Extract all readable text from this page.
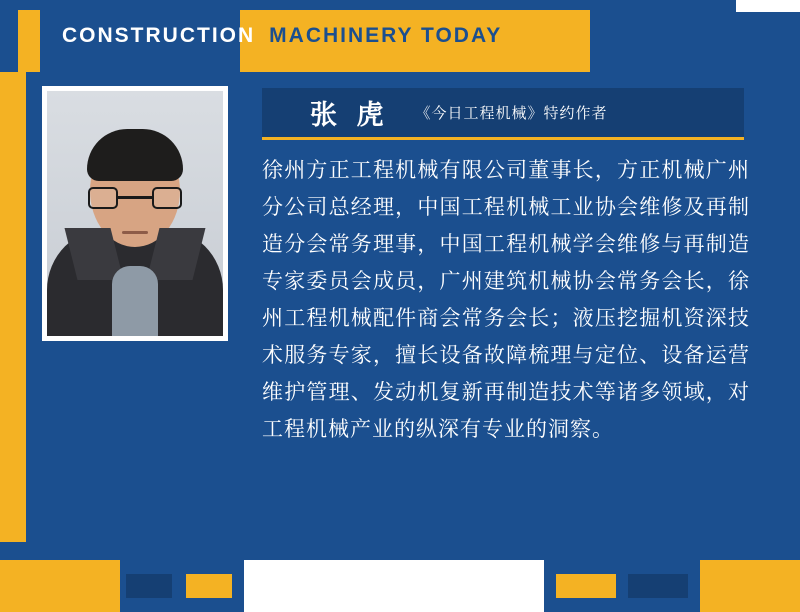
CONSTRUCTION MACHINERY TODAY
张 虎 《今日工程机械》特约作者
徐州方正工程机械有限公司董事长，方正机械广州分公司总经理，中国工程机械工业协会维修及再制造分会常务理事，中国工程机械学会维修与再制造专家委员会成员，广州建筑机械协会常务会长，徐州工程机械配件商会常务会长；液压挖掘机资深技术服务专家，擅长设备故障梳理与定位、设备运营维护管理、发动机复新再制造技术等诸多领域，对工程机械产业的纵深有专业的洞察。
